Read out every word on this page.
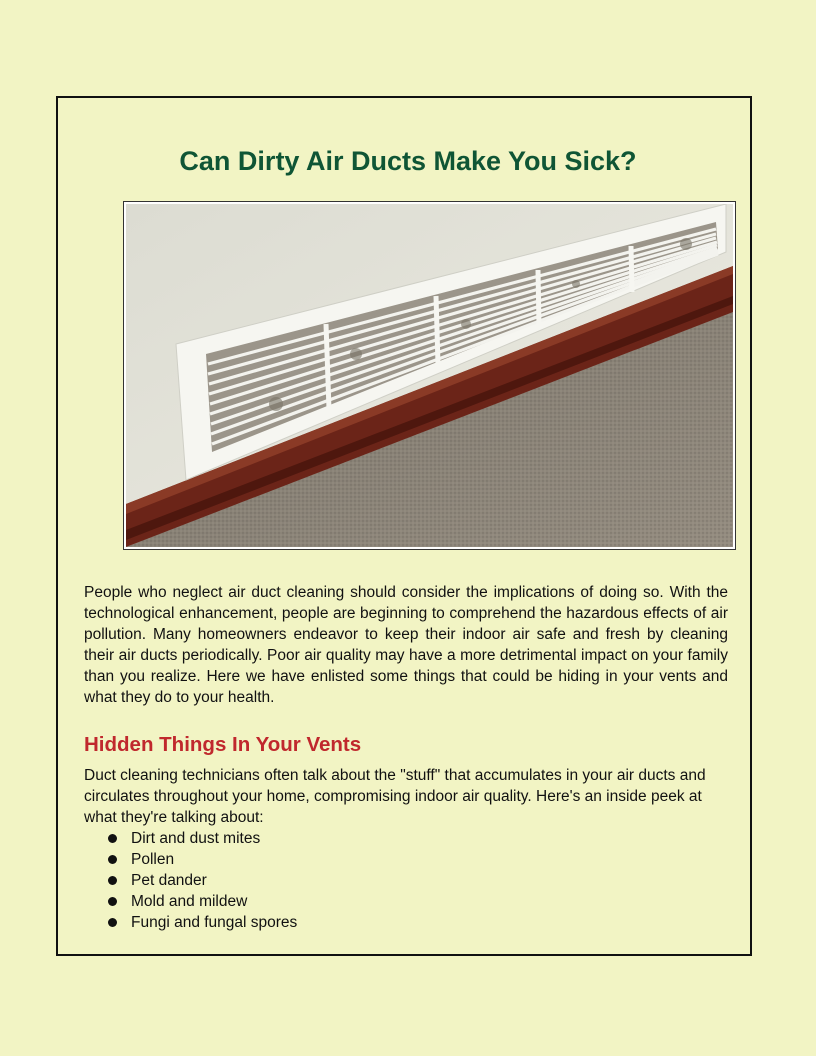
Can Dirty Air Ducts Make You Sick?

People who neglect air duct cleaning should consider the implications of doing so. With the technological enhancement, people are beginning to comprehend the hazardous effects of air pollution. Many homeowners endeavor to keep their indoor air safe and fresh by cleaning their air ducts periodically. Poor air quality may have a more detrimental impact on your family than you realize. Here we have enlisted some things that could be hiding in your vents and what they do to your health.

Hidden Things In Your Vents

Duct cleaning technicians often talk about the "stuff" that accumulates in your air ducts and circulates throughout your home, compromising indoor air quality. Here's an inside peek at what they're talking about:

Dirt and dust mites
Pollen
Pet dander
Mold and mildew
Fungi and fungal spores
